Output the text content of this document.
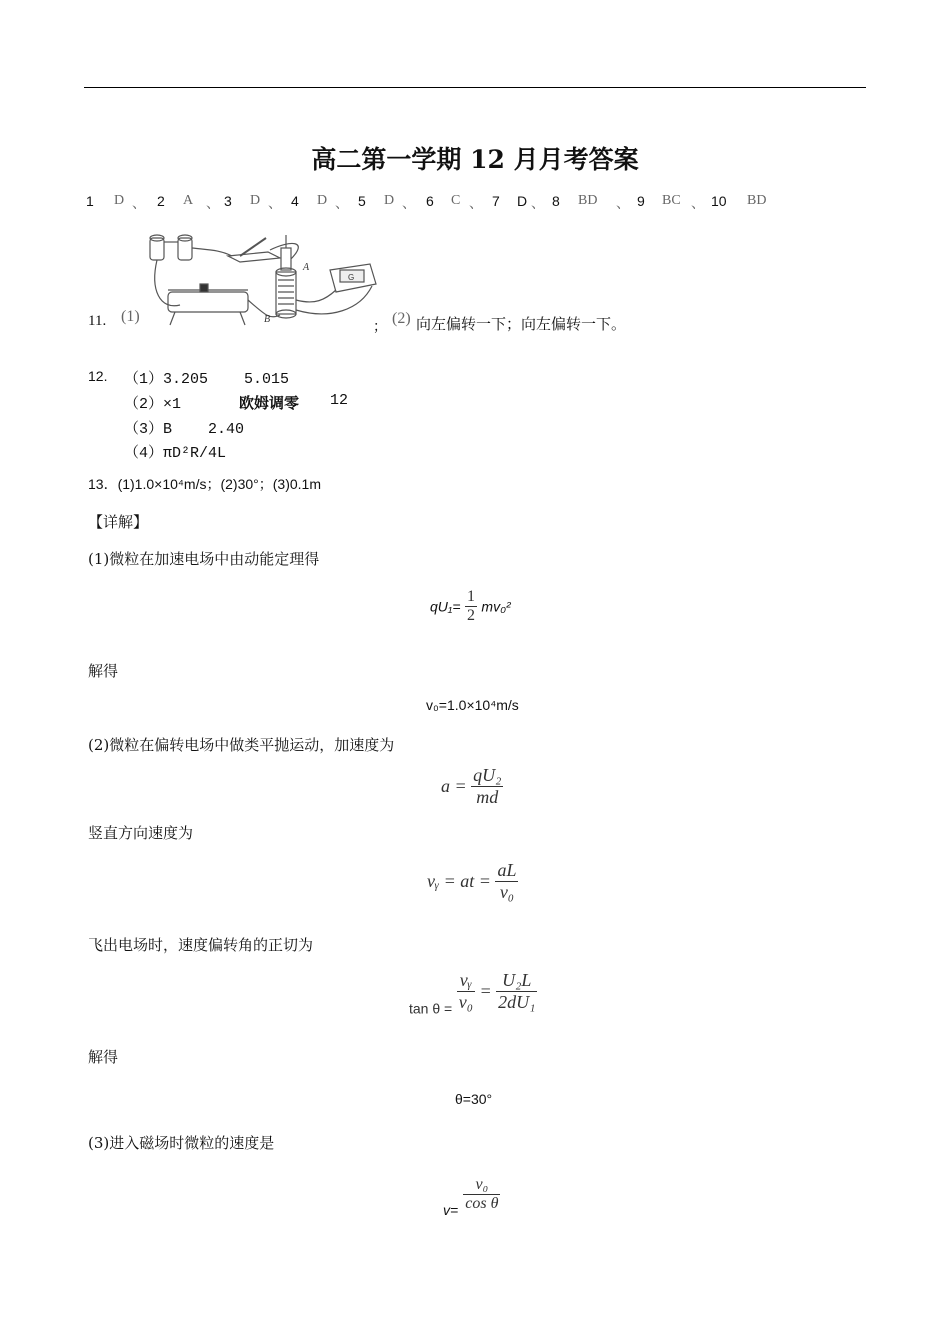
高二第一学期 12 月月考答案

1

D

、

2

A

、

3

D

、

4

D

、

5

D

、

6

C

、

7

D

、

8

BD

、

9

BC

、

10

BD

11. (1)
A
B
G
；
(2) 向左偏转一下；向左偏转一下。
12. （1）3.205    5.015
（2）×1	欧姆调零 12
（3）B    2.40
（4）πD²R/4L
13．(1)1.0×10⁴m/s；(2)30°；(3)0.1m
【详解】
(1)微粒在加速电场中由动能定理得
$qU_1= \frac{1}{2} mv_0^2$
解得
v₀=1.0×10⁴m/s
(2)微粒在偏转电场中做类平抛运动，加速度为
$a = \frac{\text{qU₂}}{md}$
竖直方向速度为
vᵧ = at = $\frac{aL}{\text{v₀}}$
飞出电场时，速度偏转角的正切为
$_{tan \theta =} \frac{\text{vᵧ}}{\text{v₀}} = \frac{\text{U₂L}}{\text{2dU₁}}$
解得
θ=30°
(3)进入磁场时微粒的速度是
$v= \frac{\text{v₀}}{\text{cos θ}}$
